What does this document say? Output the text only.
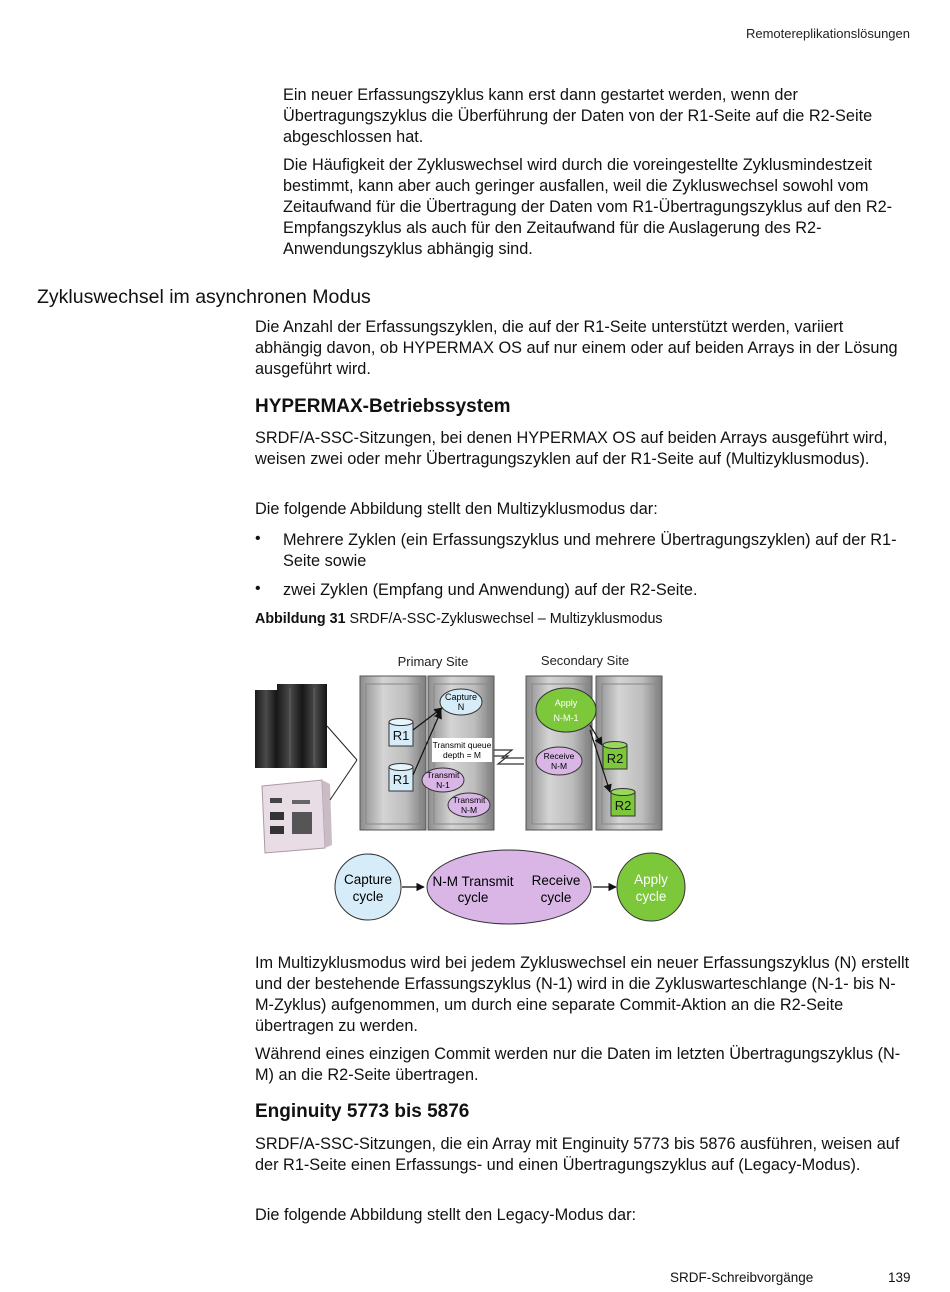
Remotereplikationslösungen

Ein neuer Erfassungszyklus kann erst dann gestartet werden, wenn der Übertragungszyklus die Überführung der Daten von der R1-Seite auf die R2-Seite abgeschlossen hat.

Die Häufigkeit der Zykluswechsel wird durch die voreingestellte Zyklusmindestzeit bestimmt, kann aber auch geringer ausfallen, weil die Zykluswechsel sowohl vom Zeitaufwand für die Übertragung der Daten vom R1-Übertragungszyklus auf den R2-Empfangszyklus als auch für den Zeitaufwand für die Auslagerung des R2-Anwendungszyklus abhängig sind.

Zykluswechsel im asynchronen Modus

Die Anzahl der Erfassungszyklen, die auf der R1-Seite unterstützt werden, variiert abhängig davon, ob HYPERMAX OS auf nur einem oder auf beiden Arrays in der Lösung ausgeführt wird.

HYPERMAX-Betriebssystem

SRDF/A-SSC-Sitzungen, bei denen HYPERMAX OS auf beiden Arrays ausgeführt wird, weisen zwei oder mehr Übertragungszyklen auf der R1-Seite auf (Multizyklusmodus).

Die folgende Abbildung stellt den Multizyklusmodus dar:

• Mehrere Zyklen (ein Erfassungszyklus und mehrere Übertragungszyklen) auf der R1-Seite sowie

• zwei Zyklen (Empfang und Anwendung) auf der R2-Seite.

Abbildung 31 SRDF/A-SSC-Zykluswechsel – Multizyklusmodus
Primary Site	Secondary Site
R1
R1
Capture
N
Transmit queue
depth = M
Transmit
N-1
Transmit
N-M
Apply
N-M-1
Receive
N-M	R2
R2
Capture
cycle
N-M Transmit
cycle
Receive
cycle
Apply
cycle

Im Multizyklusmodus wird bei jedem Zykluswechsel ein neuer Erfassungszyklus (N) erstellt und der bestehende Erfassungszyklus (N-1) wird in die Zykluswarteschlange (N-1- bis N-M-Zyklus) aufgenommen, um durch eine separate Commit-Aktion an die R2-Seite übertragen zu werden.

Während eines einzigen Commit werden nur die Daten im letzten Übertragungszyklus (N-M) an die R2-Seite übertragen.

Enginuity 5773 bis 5876

SRDF/A-SSC-Sitzungen, die ein Array mit Enginuity 5773 bis 5876 ausführen, weisen auf der R1-Seite einen Erfassungs- und einen Übertragungszyklus auf (Legacy-Modus).

Die folgende Abbildung stellt den Legacy-Modus dar:

SRDF-Schreibvorgänge	139
